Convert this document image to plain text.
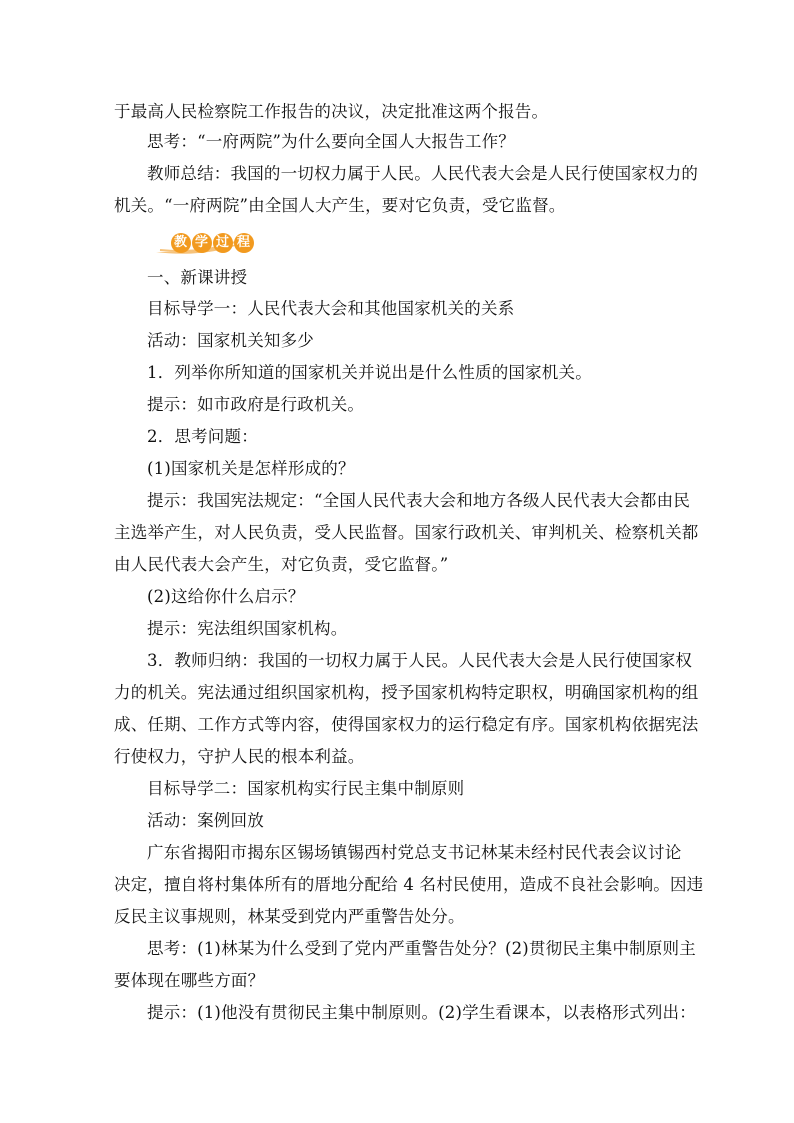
于最高人民检察院工作报告的决议，决定批准这两个报告。
思考：“一府两院”为什么要向全国人大报告工作？
教师总结：我国的一切权力属于人民。人民代表大会是人民行使国家权力的
机关。“一府两院”由全国人大产生，要对它负责，受它监督。
教 学 过 程
一、新课讲授
目标导学一：人民代表大会和其他国家机关的关系
活动：国家机关知多少
1．列举你所知道的国家机关并说出是什么性质的国家机关。
提示：如市政府是行政机关。
2．思考问题：
(1)国家机关是怎样形成的？
提示：我国宪法规定：“全国人民代表大会和地方各级人民代表大会都由民
主选举产生，对人民负责，受人民监督。国家行政机关、审判机关、检察机关都
由人民代表大会产生，对它负责，受它监督。”
(2)这给你什么启示？
提示：宪法组织国家机构。
3．教师归纳：我国的一切权力属于人民。人民代表大会是人民行使国家权
力的机关。宪法通过组织国家机构，授予国家机构特定职权，明确国家机构的组
成、任期、工作方式等内容，使得国家权力的运行稳定有序。国家机构依据宪法
行使权力，守护人民的根本利益。
目标导学二：国家机构实行民主集中制原则
活动：案例回放
广东省揭阳市揭东区锡场镇锡西村党总支书记林某未经村民代表会议讨论
决定，擅自将村集体所有的厝地分配给 4 名村民使用，造成不良社会影响。因违
反民主议事规则，林某受到党内严重警告处分。
思考：(1)林某为什么受到了党内严重警告处分？(2)贯彻民主集中制原则主
要体现在哪些方面？
提示：(1)他没有贯彻民主集中制原则。(2)学生看课本，以表格形式列出：
